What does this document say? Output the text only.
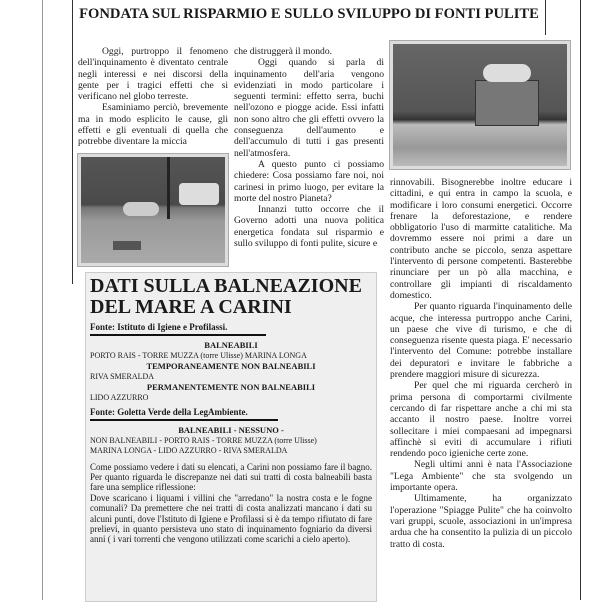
FONDATA SUL RISPARMIO E SULLO SVILUPPO DI FONTI PULITE

Oggi, purtroppo il fenomeno dell'inquinamento è diventato centrale negli interessi e nei discorsi della gente per i tragici effetti che si verificano nel globo terreste.

Esaminiamo perciò, brevemente ma in modo esplicito le cause, gli effetti e gli eventuali di quella che potrebbe diventare la miccia

che distruggerà il mondo.

Oggi quando si parla di inquinamento dell'aria vengono evidenziati in modo particolare i seguenti termini: effetto serra, buchi nell'ozono e piogge acide. Essi infatti non sono altro che gli effetti ovvero la conseguenza dell'aumento e dell'accumulo di tutti i gas presenti nell'atmosfera.

A questo punto ci possiamo chiedere: Cosa possiamo fare noi, noi carinesi in primo luogo, per evitare la morte del nostro Pianeta?

Innanzi tutto occorre che il Governo adotti una nuova politica energetica fondata sul risparmio e sullo sviluppo di fonti pulite, sicure e

rinnovabili. Bisognerebbe inoltre educare i cittadini, e qui entra in campo la scuola, e modificare i loro consumi energetici. Occorre frenare la deforestazione, e rendere obbligatorio l'uso di marmitte catalitiche. Ma dovremmo essere noi primi a dare un contributo anche se piccolo, senza aspettare l'intervento di persone competenti. Basterebbe rinunciare per un pò alla macchina, e controllare gli impianti di riscaldamento domestico.

Per quanto riguarda l'inquinamento delle acque, che interessa purtroppo anche Carini, un paese che vive di turismo, e che di conseguenza risente questa piaga. E' necessario l'intervento del Comune: potrebbe installare dei depuratori e invitare le fabbriche a prendere maggiori misure di sicurezza.

Per quel che mi riguarda cercherò in prima persona di comportarmi civilmente cercando di far rispettare anche a chi mi sta accanto il nostro paese. Inoltre vorrei sollecitare i miei compaesani ad impegnarsi affinchè si eviti di accumulare i rifiuti rendendo poco igieniche certe zone.

Negli ultimi anni è nata l'Associazione "Lega Ambiente" che sta svolgendo un importante opera.

Ultimamente, ha organizzato l'operazione "Spiagge Pulite" che ha coinvolto vari gruppi, scuole, associazioni in un'impresa ardua che ha consentito la pulizia di un piccolo tratto di costa.

DATI SULLA BALNEAZIONE
DEL MARE A CARINI
Fonte: Istituto di Igiene e Profilassi.
BALNEABILI
PORTO RAIS - TORRE MUZZA (torre Ulisse) MARINA LONGA
TEMPORANEAMENTE NON BALNEABILI
RIVA SMERALDA
PERMANENTEMENTE NON BALNEABILI
LIDO AZZURRO
Fonte: Goletta Verde della LegAmbiente.
BALNEABILI - NESSUNO -
NON BALNEABILI - PORTO RAIS - TORRE MUZZA (torre Ulisse)
MARINA LONGA - LIDO AZZURRO - RIVA SMERALDA

Come possiamo vedere i dati su elencati, a Carini non possiamo fare il bagno. Per quanto riguarda le discrepanze nei dati sui tratti di costa balneabili basta fare una semplice riflessione:

Dove scaricano i liquami i villini che "arredano" la nostra costa e le fogne comunali? Da premettere che nei tratti di costa analizzati mancano i dati su alcuni punti, dove l'Istituto di Igiene e Profilassi si è da tempo rifiutato di fare prelievi, in quanto persisteva uno stato di inquinamento fogniario da diversi anni ( i vari torrenti che vengono utilizzati come scarichi a cielo aperto).
